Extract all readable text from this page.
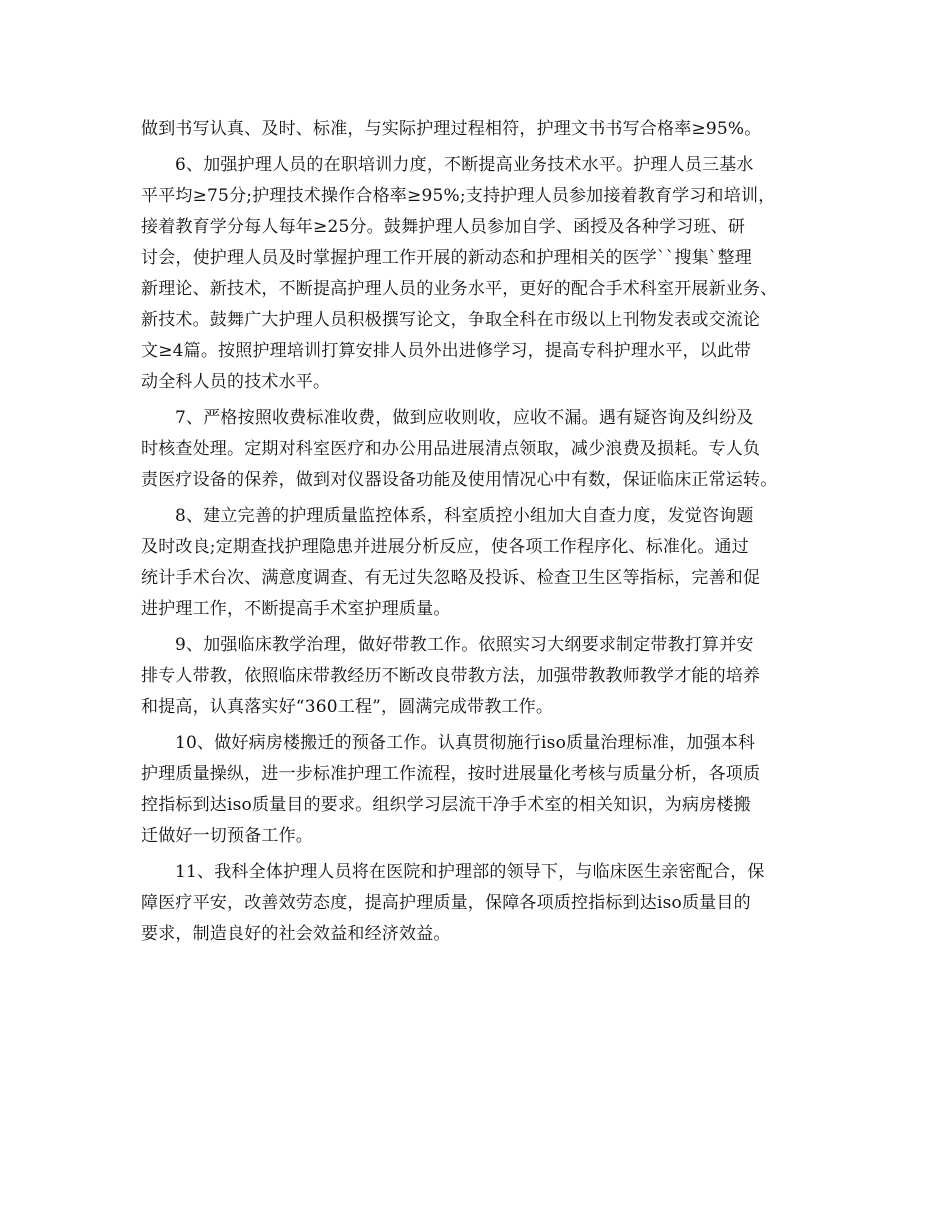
做到书写认真、及时、标准，与实际护理过程相符，护理文书书写合格率≥95%。

6、加强护理人员的在职培训力度，不断提高业务技术水平。护理人员三基水
平平均≥75分;护理技术操作合格率≥95%;支持护理人员参加接着教育学习和培训，
接着教育学分每人每年≥25分。鼓舞护理人员参加自学、函授及各种学习班、研
讨会，使护理人员及时掌握护理工作开展的新动态和护理相关的医学``搜集`整理
新理论、新技术，不断提高护理人员的业务水平，更好的配合手术科室开展新业务、
新技术。鼓舞广大护理人员积极撰写论文，争取全科在市级以上刊物发表或交流论
文≥4篇。按照护理培训打算安排人员外出进修学习，提高专科护理水平，以此带
动全科人员的技术水平。

7、严格按照收费标准收费，做到应收则收，应收不漏。遇有疑咨询及纠纷及
时核查处理。定期对科室医疗和办公用品进展清点领取，减少浪费及损耗。专人负
责医疗设备的保养，做到对仪器设备功能及使用情况心中有数，保证临床正常运转。

8、建立完善的护理质量监控体系，科室质控小组加大自查力度，发觉咨询题
及时改良;定期查找护理隐患并进展分析反应，使各项工作程序化、标准化。通过
统计手术台次、满意度调查、有无过失忽略及投诉、检查卫生区等指标，完善和促
进护理工作，不断提高手术室护理质量。

9、加强临床教学治理，做好带教工作。依照实习大纲要求制定带教打算并安
排专人带教，依照临床带教经历不断改良带教方法，加强带教教师教学才能的培养
和提高，认真落实好“360工程”，圆满完成带教工作。

10、做好病房楼搬迁的预备工作。认真贯彻施行iso质量治理标准，加强本科
护理质量操纵，进一步标准护理工作流程，按时进展量化考核与质量分析，各项质
控指标到达iso质量目的要求。组织学习层流干净手术室的相关知识，为病房楼搬
迁做好一切预备工作。

11、我科全体护理人员将在医院和护理部的领导下，与临床医生亲密配合，保
障医疗平安，改善效劳态度，提高护理质量，保障各项质控指标到达iso质量目的
要求，制造良好的社会效益和经济效益。
